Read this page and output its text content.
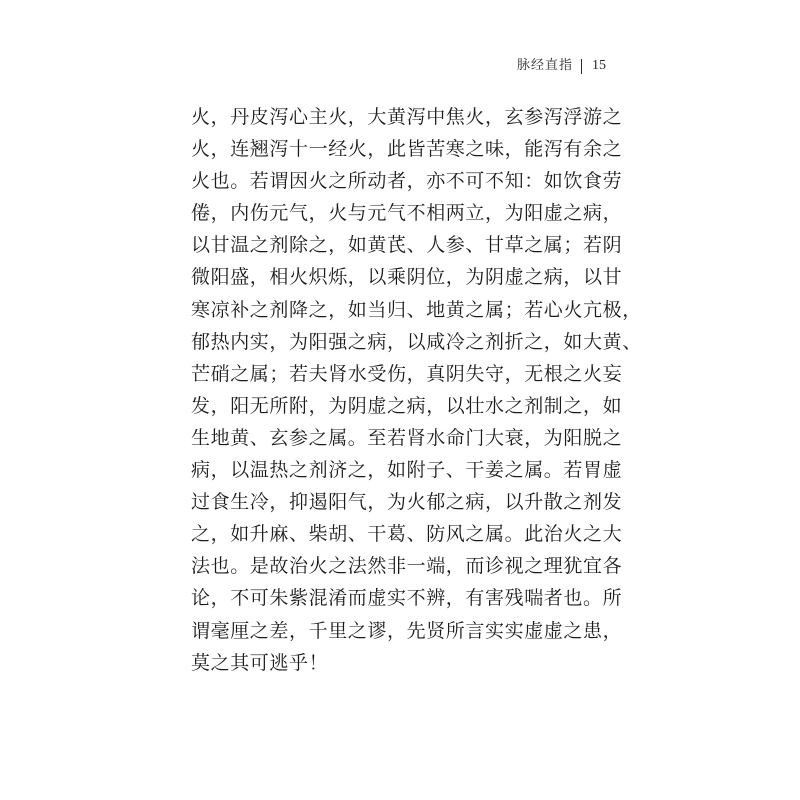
脉经直指 15
火，丹皮泻心主火，大黄泻中焦火，玄参泻浮游之
火，连翘泻十一经火，此皆苦寒之味，能泻有余之
火也。若谓因火之所动者，亦不可不知：如饮食劳
倦，内伤元气，火与元气不相两立，为阳虚之病，
以甘温之剂除之，如黄芪、人参、甘草之属；若阴
微阳盛，相火炽烁，以乘阴位，为阴虚之病，以甘
寒凉补之剂降之，如当归、地黄之属；若心火亢极，
郁热内实，为阳强之病，以咸冷之剂折之，如大黄、
芒硝之属；若夫肾水受伤，真阴失守，无根之火妄
发，阳无所附，为阴虚之病，以壮水之剂制之，如
生地黄、玄参之属。至若肾水命门大衰，为阳脱之
病，以温热之剂济之，如附子、干姜之属。若胃虚
过食生冷，抑遏阳气，为火郁之病，以升散之剂发
之，如升麻、柴胡、干葛、防风之属。此治火之大
法也。是故治火之法然非一端，而诊视之理犹宜各
论，不可朱紫混淆而虚实不辨，有害残喘者也。所
谓毫厘之差，千里之谬，先贤所言实实虚虚之患，
莫之其可逃乎！
